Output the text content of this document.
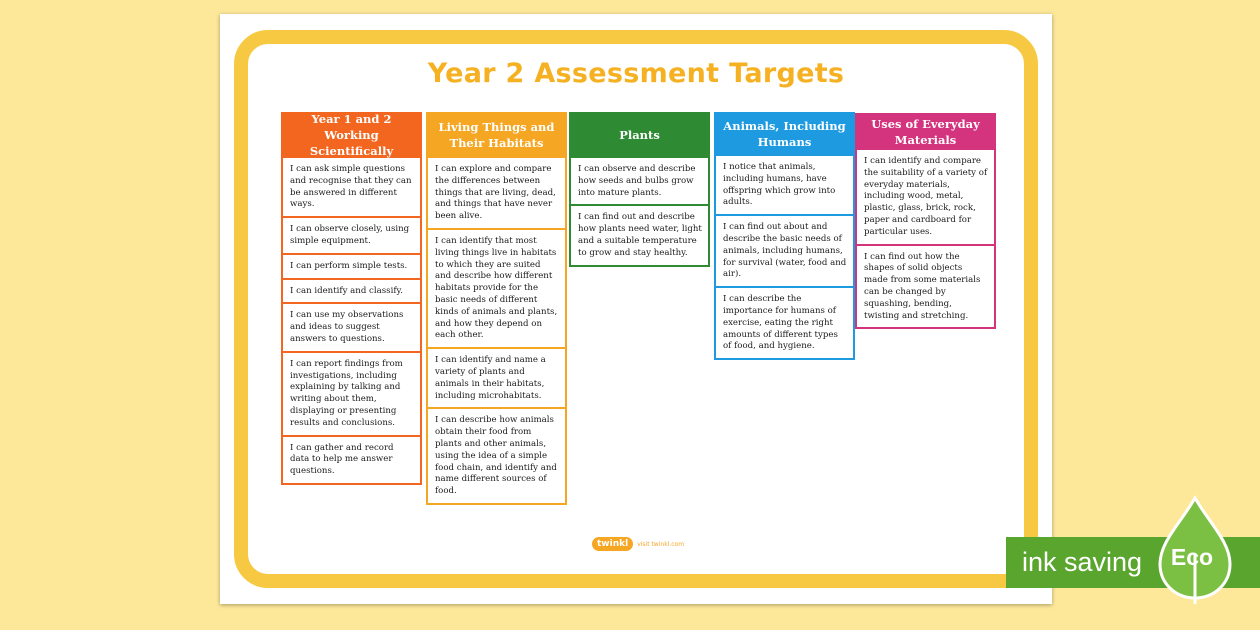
Year 2 Assessment Targets
Year 1 and 2 Working Scientifically
I can ask simple questions and recognise that they can be answered in different ways.
I can observe closely, using simple equipment.
I can perform simple tests.
I can identify and classify.
I can use my observations and ideas to suggest answers to questions.
I can report findings from investigations, including explaining by talking and writing about them, displaying or presenting results and conclusions.
I can gather and record data to help me answer questions.
Living Things and Their Habitats
I can explore and compare the differences between things that are living, dead, and things that have never been alive.
I can identify that most living things live in habitats to which they are suited and describe how different habitats provide for the basic needs of different kinds of animals and plants, and how they depend on each other.
I can identify and name a variety of plants and animals in their habitats, including microhabitats.
I can describe how animals obtain their food from plants and other animals, using the idea of a simple food chain, and identify and name different sources of food.
Plants
I can observe and describe how seeds and bulbs grow into mature plants.
I can find out and describe how plants need water, light and a suitable temperature to grow and stay healthy.
Animals, Including Humans
I notice that animals, including humans, have offspring which grow into adults.
I can find out about and describe the basic needs of animals, including humans, for survival (water, food and air).
I can describe the importance for humans of exercise, eating the right amounts of different types of food, and hygiene.
Uses of Everyday Materials
I can identify and compare the suitability of a variety of everyday materials, including wood, metal, plastic, glass, brick, rock, paper and cardboard for particular uses.
I can find out how the shapes of solid objects made from some materials can be changed by squashing, bending, twisting and stretching.
twinkl	visit twinkl.com
ink saving Eco
